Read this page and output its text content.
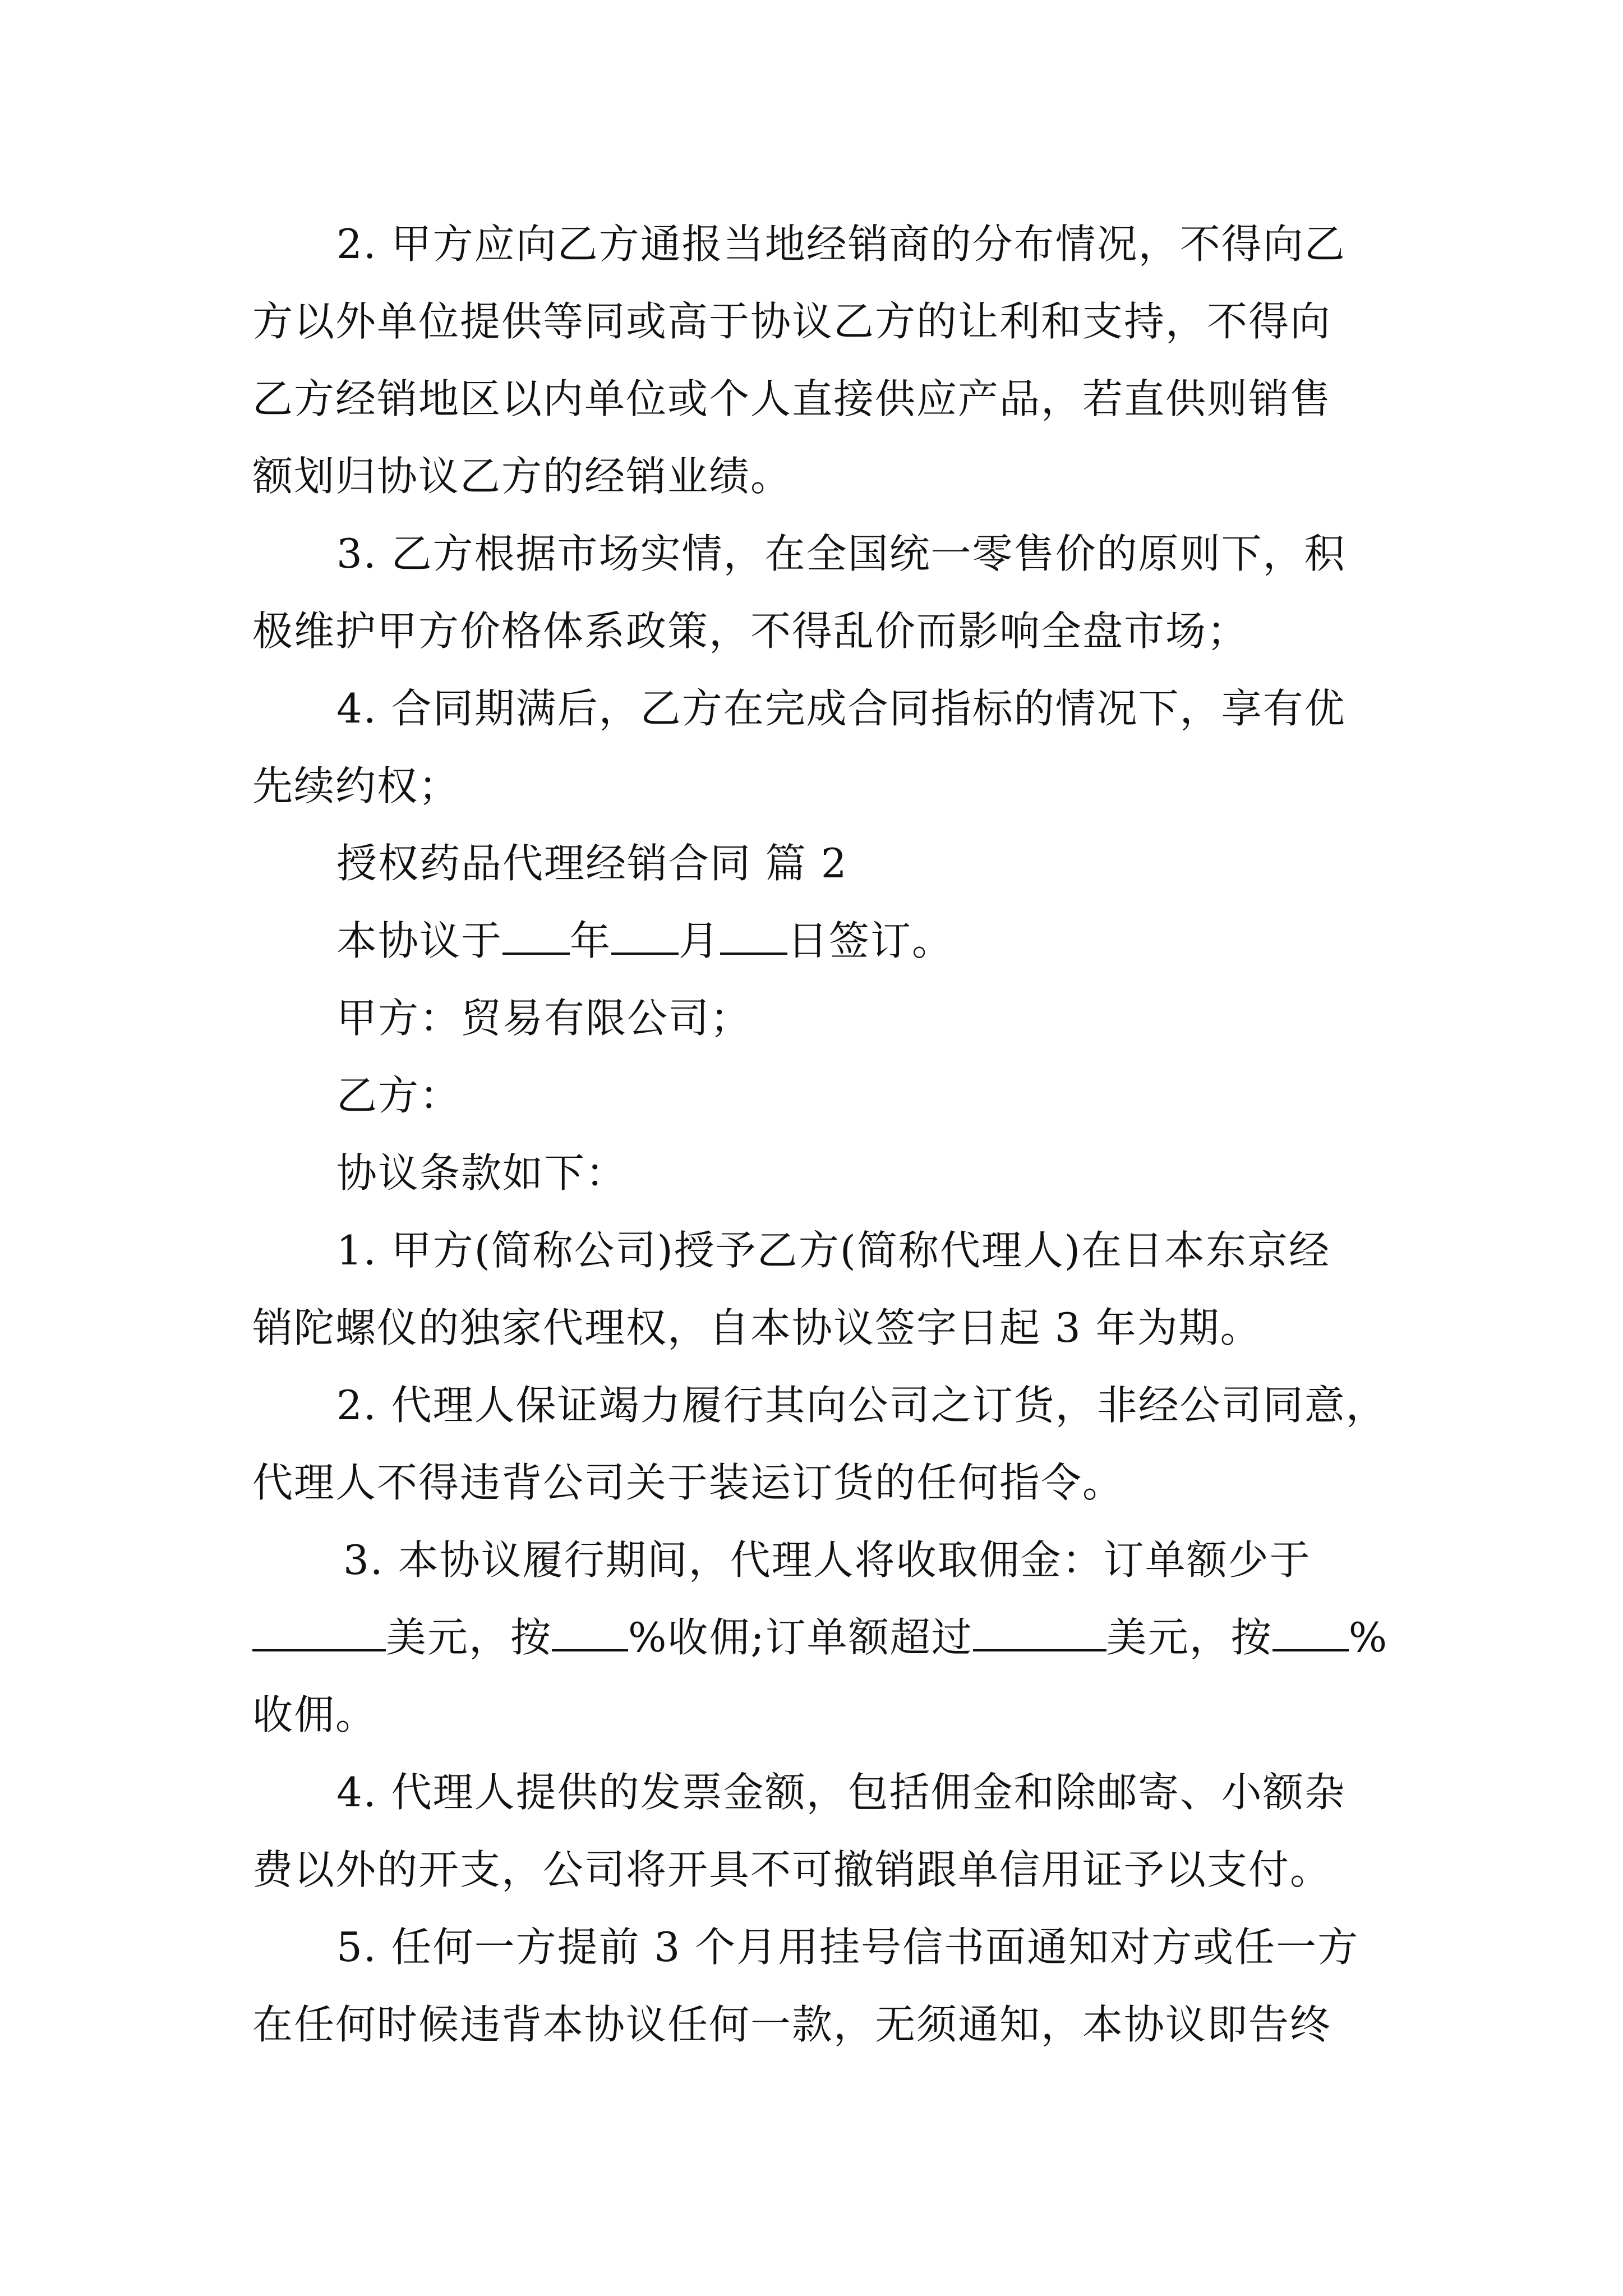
2. 甲方应向乙方通报当地经销商的分布情况，不得向乙
方以外单位提供等同或高于协议乙方的让利和支持，不得向
乙方经销地区以内单位或个人直接供应产品，若直供则销售
额划归协议乙方的经销业绩。
3. 乙方根据市场实情，在全国统一零售价的原则下，积
极维护甲方价格体系政策，不得乱价而影响全盘市场；
4. 合同期满后，乙方在完成合同指标的情况下，享有优
先续约权；
授权药品代理经销合同 篇 2
本协议于 年 月 日签订。
甲方：贸易有限公司；
乙方：
协议条款如下：
1. 甲方(简称公司)授予乙方(简称代理人)在日本东京经
销陀螺仪的独家代理权，自本协议签字日起 3 年为期。
2. 代理人保证竭力履行其向公司之订货，非经公司同意，
代理人不得违背公司关于装运订货的任何指令。
3. 本协议履行期间，代理人将收取佣金：订单额少于
美元，按 %收佣;订单额超过	美元，按 %
收佣。
4. 代理人提供的发票金额，包括佣金和除邮寄、小额杂
费以外的开支，公司将开具不可撤销跟单信用证予以支付。
5. 任何一方提前 3 个月用挂号信书面通知对方或任一方
在任何时候违背本协议任何一款，无须通知，本协议即告终
